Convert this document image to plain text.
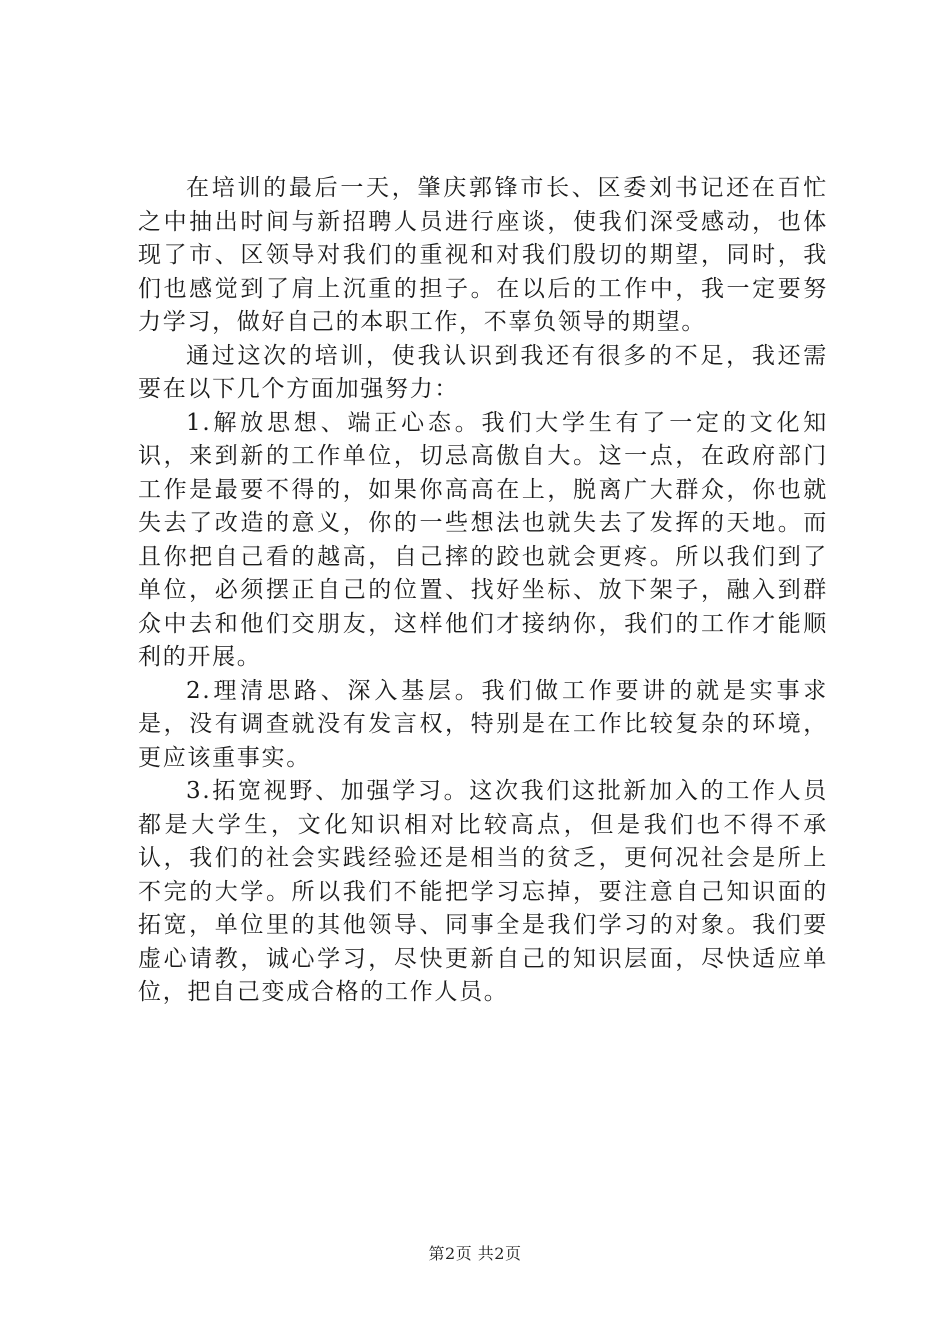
在培训的最后一天，肇庆郭锋市长、区委刘书记还在百忙之中抽出时间与新招聘人员进行座谈，使我们深受感动，也体现了市、区领导对我们的重视和对我们殷切的期望，同时，我们也感觉到了肩上沉重的担子。在以后的工作中，我一定要努力学习，做好自己的本职工作，不辜负领导的期望。

通过这次的培训，使我认识到我还有很多的不足，我还需要在以下几个方面加强努力：

1.解放思想、端正心态。我们大学生有了一定的文化知识，来到新的工作单位，切忌高傲自大。这一点，在政府部门工作是最要不得的，如果你高高在上，脱离广大群众，你也就失去了改造的意义，你的一些想法也就失去了发挥的天地。而且你把自己看的越高，自己摔的跤也就会更疼。所以我们到了单位，必须摆正自己的位置、找好坐标、放下架子，融入到群众中去和他们交朋友，这样他们才接纳你，我们的工作才能顺利的开展。

2.理清思路、深入基层。我们做工作要讲的就是实事求是，没有调查就没有发言权，特别是在工作比较复杂的环境，更应该重事实。

3.拓宽视野、加强学习。这次我们这批新加入的工作人员都是大学生，文化知识相对比较高点，但是我们也不得不承认，我们的社会实践经验还是相当的贫乏，更何况社会是所上不完的大学。所以我们不能把学习忘掉，要注意自己知识面的拓宽，单位里的其他领导、同事全是我们学习的对象。我们要虚心请教，诚心学习，尽快更新自己的知识层面，尽快适应单位，把自己变成合格的工作人员。

第2页 共2页
